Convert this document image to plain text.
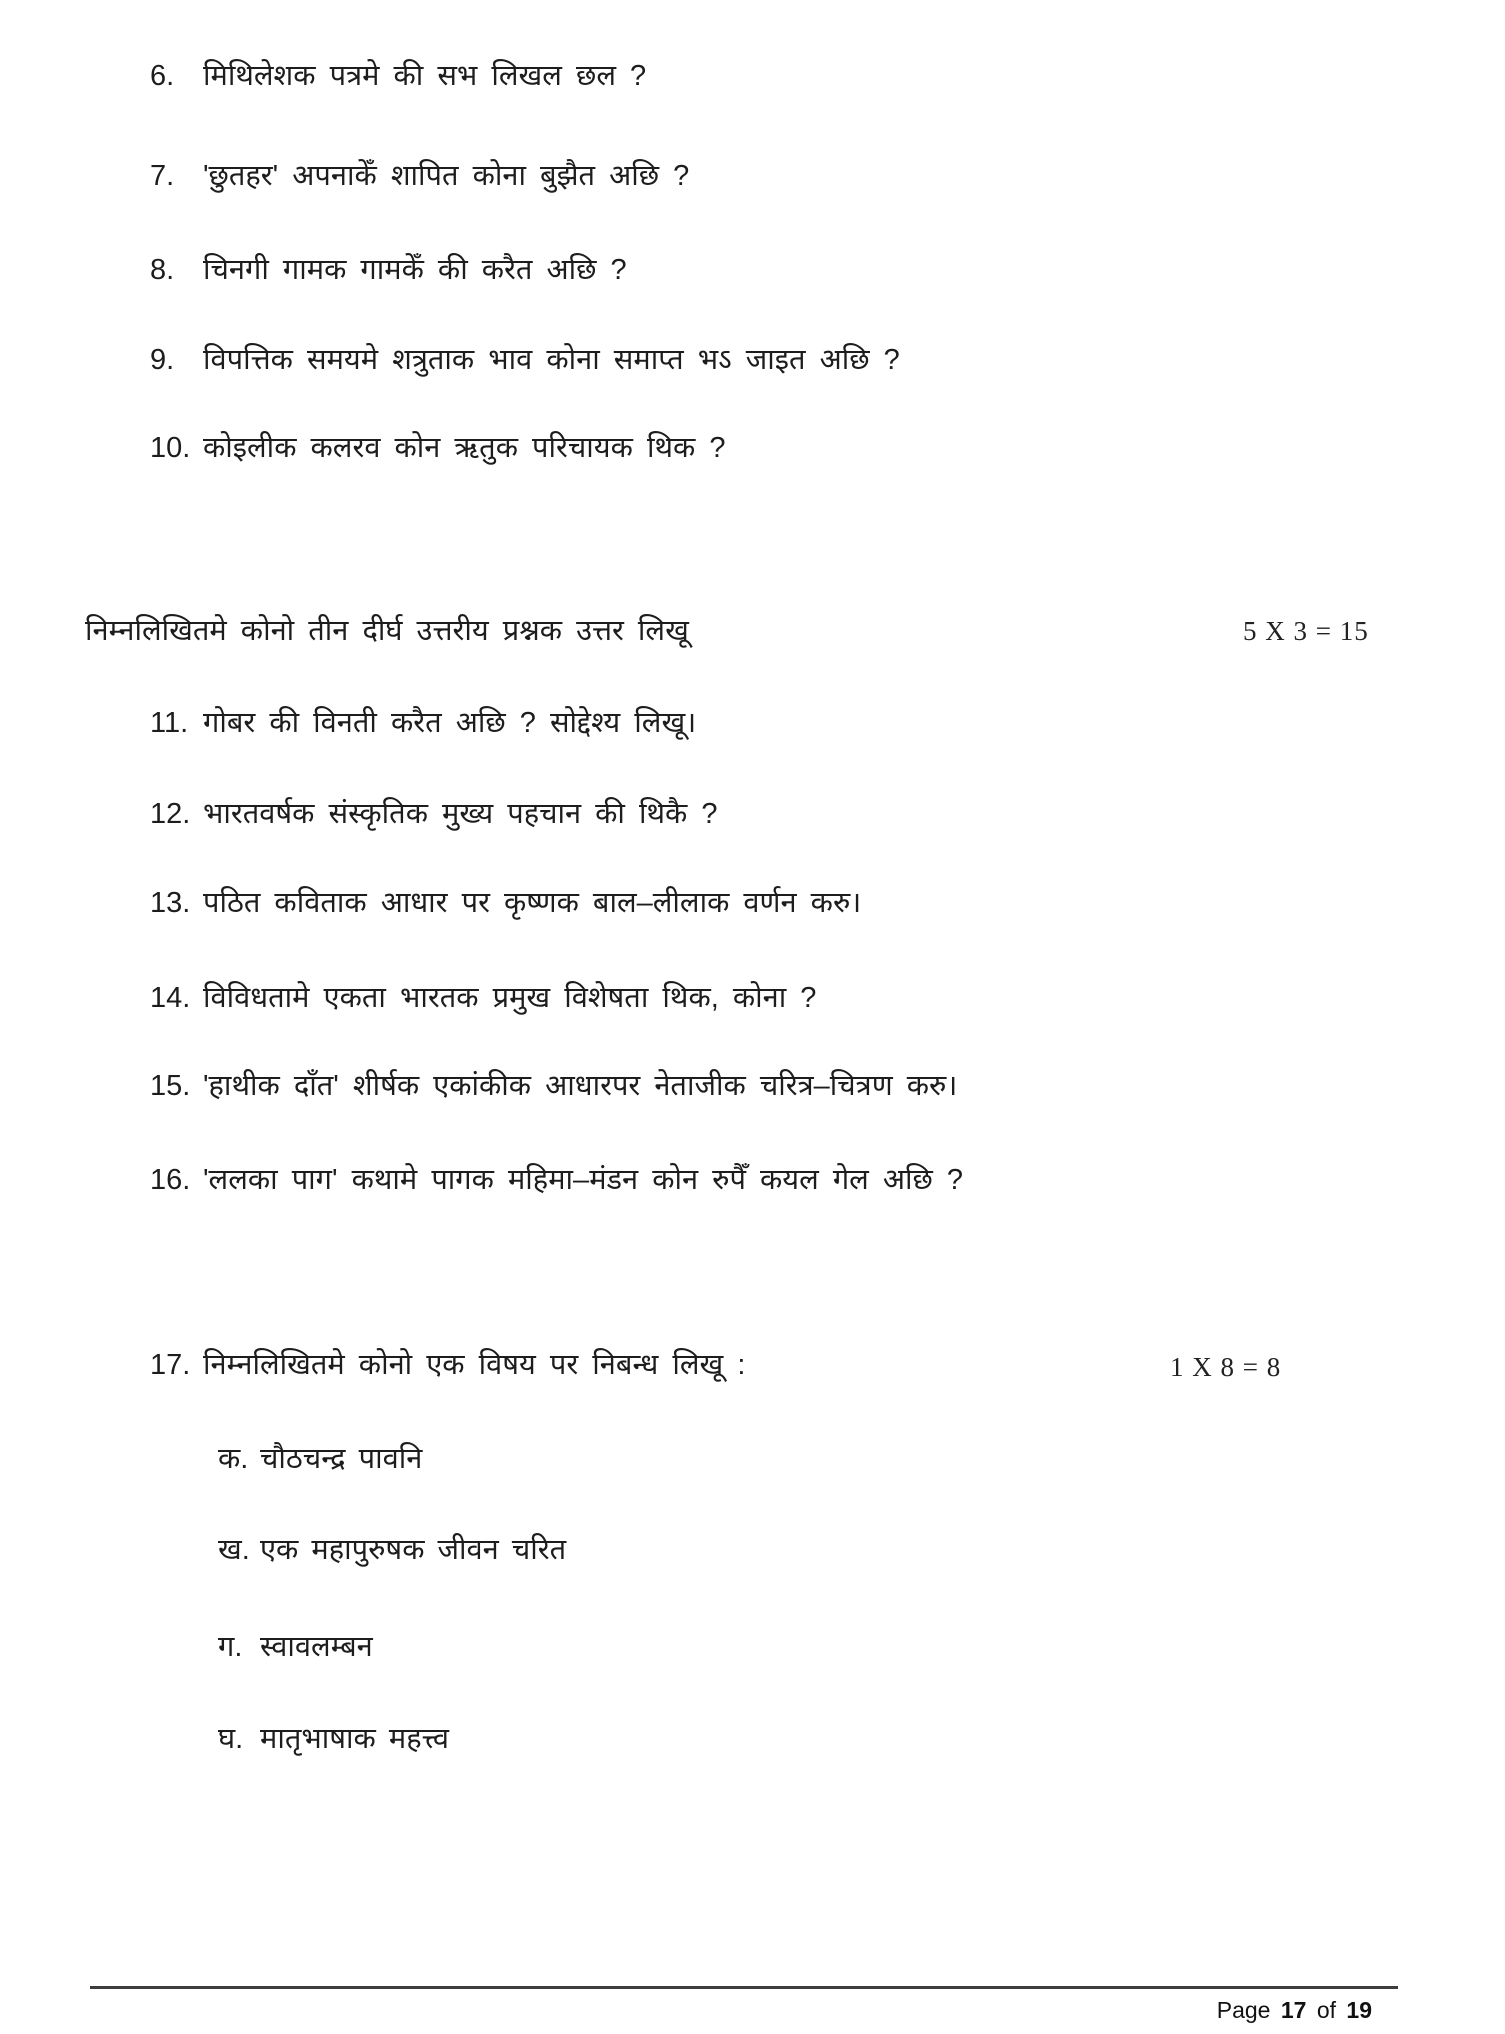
6. मिथिलेशक पत्रमे की सभ लिखल छल ?
7. 'छुतहर' अपनाकेँ शापित कोना बुझैत अछि ?
8. चिनगी गामक गामकेँ की करैत अछि ?
9. विपत्तिक समयमे शत्रुताक भाव कोना समाप्त भऽ जाइत अछि ?
10. कोइलीक कलरव कोन ऋतुक परिचायक थिक ?
निम्नलिखितमे कोनो तीन दीर्घ उत्तरीय प्रश्नक उत्तर लिखू	5 X 3 = 15
11. गोबर की विनती करैत अछि ? सोद्देश्य लिखू।
12. भारतवर्षक संस्कृतिक मुख्य पहचान की थिकै ?
13. पठित कविताक आधार पर कृष्णक बाल–लीलाक वर्णन करु।
14. विविधतामे एकता भारतक प्रमुख विशेषता थिक, कोना ?
15. 'हाथीक दाँत' शीर्षक एकांकीक आधारपर नेताजीक चरित्र–चित्रण करु।
16. 'ललका पाग' कथामे पागक महिमा–मंडन कोन रुपैँ कयल गेल अछि ?
17. निम्नलिखितमे कोनो एक विषय पर निबन्ध लिखू :	1 X 8 = 8
क. चौठचन्द्र पावनि
ख. एक महापुरुषक जीवन चरित
ग. स्वावलम्बन
घ. मातृभाषाक महत्त्व
Page 17 of 19
